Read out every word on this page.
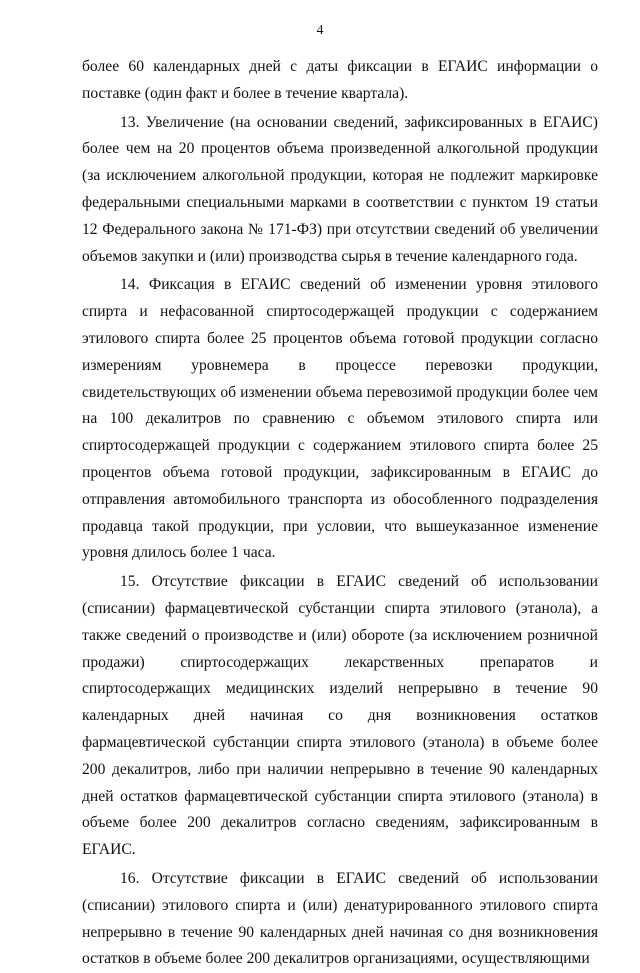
4

более 60 календарных дней с даты фиксации в ЕГАИС информации о поставке (один факт и более в течение квартала).

13. Увеличение (на основании сведений, зафиксированных в ЕГАИС) более чем на 20 процентов объема произведенной алкогольной продукции (за исключением алкогольной продукции, которая не подлежит маркировке федеральными специальными марками в соответствии с пунктом 19 статьи 12 Федерального закона № 171-ФЗ) при отсутствии сведений об увеличении объемов закупки и (или) производства сырья в течение календарного года.

14. Фиксация в ЕГАИС сведений об изменении уровня этилового спирта и нефасованной спиртосодержащей продукции с содержанием этилового спирта более 25 процентов объема готовой продукции согласно измерениям уровнемера в процессе перевозки продукции, свидетельствующих об изменении объема перевозимой продукции более чем на 100 декалитров по сравнению с объемом этилового спирта или спиртосодержащей продукции с содержанием этилового спирта более 25 процентов объема готовой продукции, зафиксированным в ЕГАИС до отправления автомобильного транспорта из обособленного подразделения продавца такой продукции, при условии, что вышеуказанное изменение уровня длилось более 1 часа.

15. Отсутствие фиксации в ЕГАИС сведений об использовании (списании) фармацевтической субстанции спирта этилового (этанола), а также сведений о производстве и (или) обороте (за исключением розничной продажи) спиртосодержащих лекарственных препаратов и спиртосодержащих медицинских изделий непрерывно в течение 90 календарных дней начиная со дня возникновения остатков фармацевтической субстанции спирта этилового (этанола) в объеме более 200 декалитров, либо при наличии непрерывно в течение 90 календарных дней остатков фармацевтической субстанции спирта этилового (этанола) в объеме более 200 декалитров согласно сведениям, зафиксированным в ЕГАИС.

16. Отсутствие фиксации в ЕГАИС сведений об использовании (списании) этилового спирта и (или) денатурированного этилового спирта непрерывно в течение 90 календарных дней начиная со дня возникновения остатков в объеме более 200 декалитров организациями, осуществляющими
